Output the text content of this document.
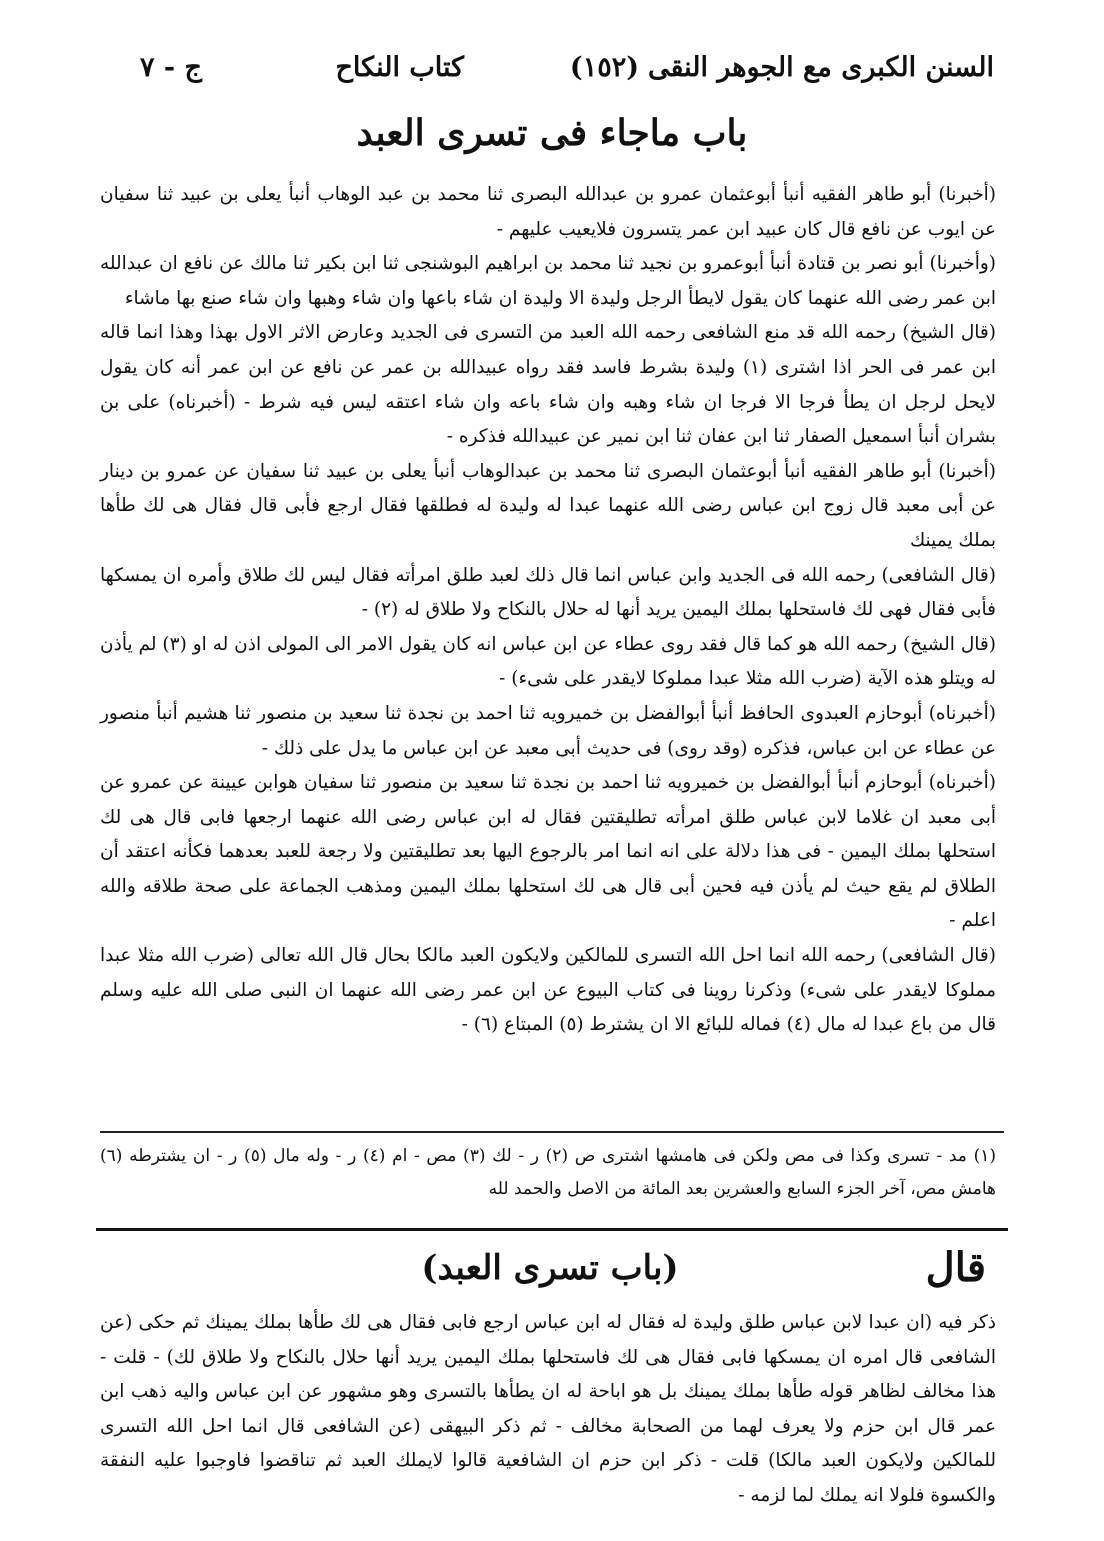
السنن الكبرى مع الجوهر النقى
(١٥٢)
كتاب النكاح
ج - ٧
باب ماجاء فى تسرى العبد

(أخبرنا) أبو طاهر الفقيه أنبأ أبوعثمان عمرو بن عبدالله البصرى ثنا محمد بن عبد الوهاب أنبأ يعلى بن عبيد ثنا سفيان عن ايوب عن نافع قال كان عبيد ابن عمر يتسرون فلايعيب عليهم -

(وأخبرنا) أبو نصر بن قتادة أنبأ أبوعمرو بن نجيد ثنا محمد بن ابراهيم البوشنجى ثنا ابن بكير ثنا مالك عن نافع ان عبدالله ابن عمر رضى الله عنهما كان يقول لايطأ الرجل وليدة الا وليدة ان شاء باعها وان شاء وهبها وان شاء صنع بها ماشاء

(قال الشيخ) رحمه الله قد منع الشافعى رحمه الله العبد من التسرى فى الجديد وعارض الاثر الاول بهذا وهذا انما قاله ابن عمر فى الحر اذا اشترى (١) وليدة بشرط فاسد فقد رواه عبيدالله بن عمر عن نافع عن ابن عمر أنه كان يقول لايحل لرجل ان يطأ فرجا الا فرجا ان شاء وهبه وان شاء باعه وان شاء اعتقه ليس فيه شرط - (أخبرناه) على بن بشران أنبأ اسمعيل الصفار ثنا ابن عفان ثنا ابن نمير عن عبيدالله فذكره -

(أخبرنا) أبو طاهر الفقيه أنبأ أبوعثمان البصرى ثنا محمد بن عبدالوهاب أنبأ يعلى بن عبيد ثنا سفيان عن عمرو بن دينار عن أبى معبد قال زوج ابن عباس رضى الله عنهما عبدا له وليدة له فطلقها فقال ارجع فأبى قال فقال هى لك طأها بملك يمينك

(قال الشافعى) رحمه الله فى الجديد وابن عباس انما قال ذلك لعبد طلق امرأته فقال ليس لك طلاق وأمره ان يمسكها فأبى فقال فهى لك فاستحلها بملك اليمين يريد أنها له حلال بالنكاح ولا طلاق له (٢) -

(قال الشيخ) رحمه الله هو كما قال فقد روى عطاء عن ابن عباس انه كان يقول الامر الى المولى اذن له او (٣) لم يأذن له ويتلو هذه الآية (ضرب الله مثلا عبدا مملوكا لايقدر على شىء) -

(أخبرناه) أبوحازم العبدوى الحافظ أنبأ أبوالفضل بن خميرويه ثنا احمد بن نجدة ثنا سعيد بن منصور ثنا هشيم أنبأ منصور عن عطاء عن ابن عباس، فذكره (وقد روى) فى حديث أبى معبد عن ابن عباس ما يدل على ذلك -

(أخبرناه) أبوحازم أنبأ أبوالفضل بن خميرويه ثنا احمد بن نجدة ثنا سعيد بن منصور ثنا سفيان هوابن عيينة عن عمرو عن أبى معبد ان غلاما لابن عباس طلق امرأته تطليقتين فقال له ابن عباس رضى الله عنهما ارجعها فابى قال هى لك استحلها بملك اليمين - فى هذا دلالة على انه انما امر بالرجوع اليها بعد تطليقتين ولا رجعة للعبد بعدهما فكأنه اعتقد أن الطلاق لم يقع حيث لم يأذن فيه فحين أبى قال هى لك استحلها بملك اليمين ومذهب الجماعة على صحة طلاقه والله اعلم -

(قال الشافعى) رحمه الله انما احل الله التسرى للمالكين ولايكون العبد مالكا بحال قال الله تعالى (ضرب الله مثلا عبدا مملوكا لايقدر على شىء) وذكرنا روينا فى كتاب البيوع عن ابن عمر رضى الله عنهما ان النبى صلى الله عليه وسلم قال من باع عبدا له مال (٤) فماله للبائع الا ان يشترط (٥) المبتاع (٦) -

(١) مد - تسرى وكذا فى مص ولكن فى هامشها اشترى ص (٢) ر - لك (٣) مص - ام (٤) ر - وله مال (٥) ر - ان يشترطه (٦) هامش مص، آخر الجزء السابع والعشرين بعد المائة من الاصل والحمد لله
قال
(باب تسرى العبد)

ذكر فيه (ان عبدا لابن عباس طلق وليدة له فقال له ابن عباس ارجع فابى فقال هى لك طأها بملك يمينك ثم حكى (عن الشافعى قال امره ان يمسكها فابى فقال هى لك فاستحلها بملك اليمين يريد أنها حلال بالنكاح ولا طلاق لك) - قلت - هذا مخالف لظاهر قوله طأها بملك يمينك بل هو اباحة له ان يطأها بالتسرى وهو مشهور عن ابن عباس واليه ذهب ابن عمر قال ابن حزم ولا يعرف لهما من الصحابة مخالف - ثم ذكر البيهقى (عن الشافعى قال انما احل الله التسرى للمالكين ولايكون العبد مالكا) قلت - ذكر ابن حزم ان الشافعية قالوا لايملك العبد ثم تناقضوا فاوجبوا عليه النفقة والكسوة فلولا انه يملك لما لزمه -
